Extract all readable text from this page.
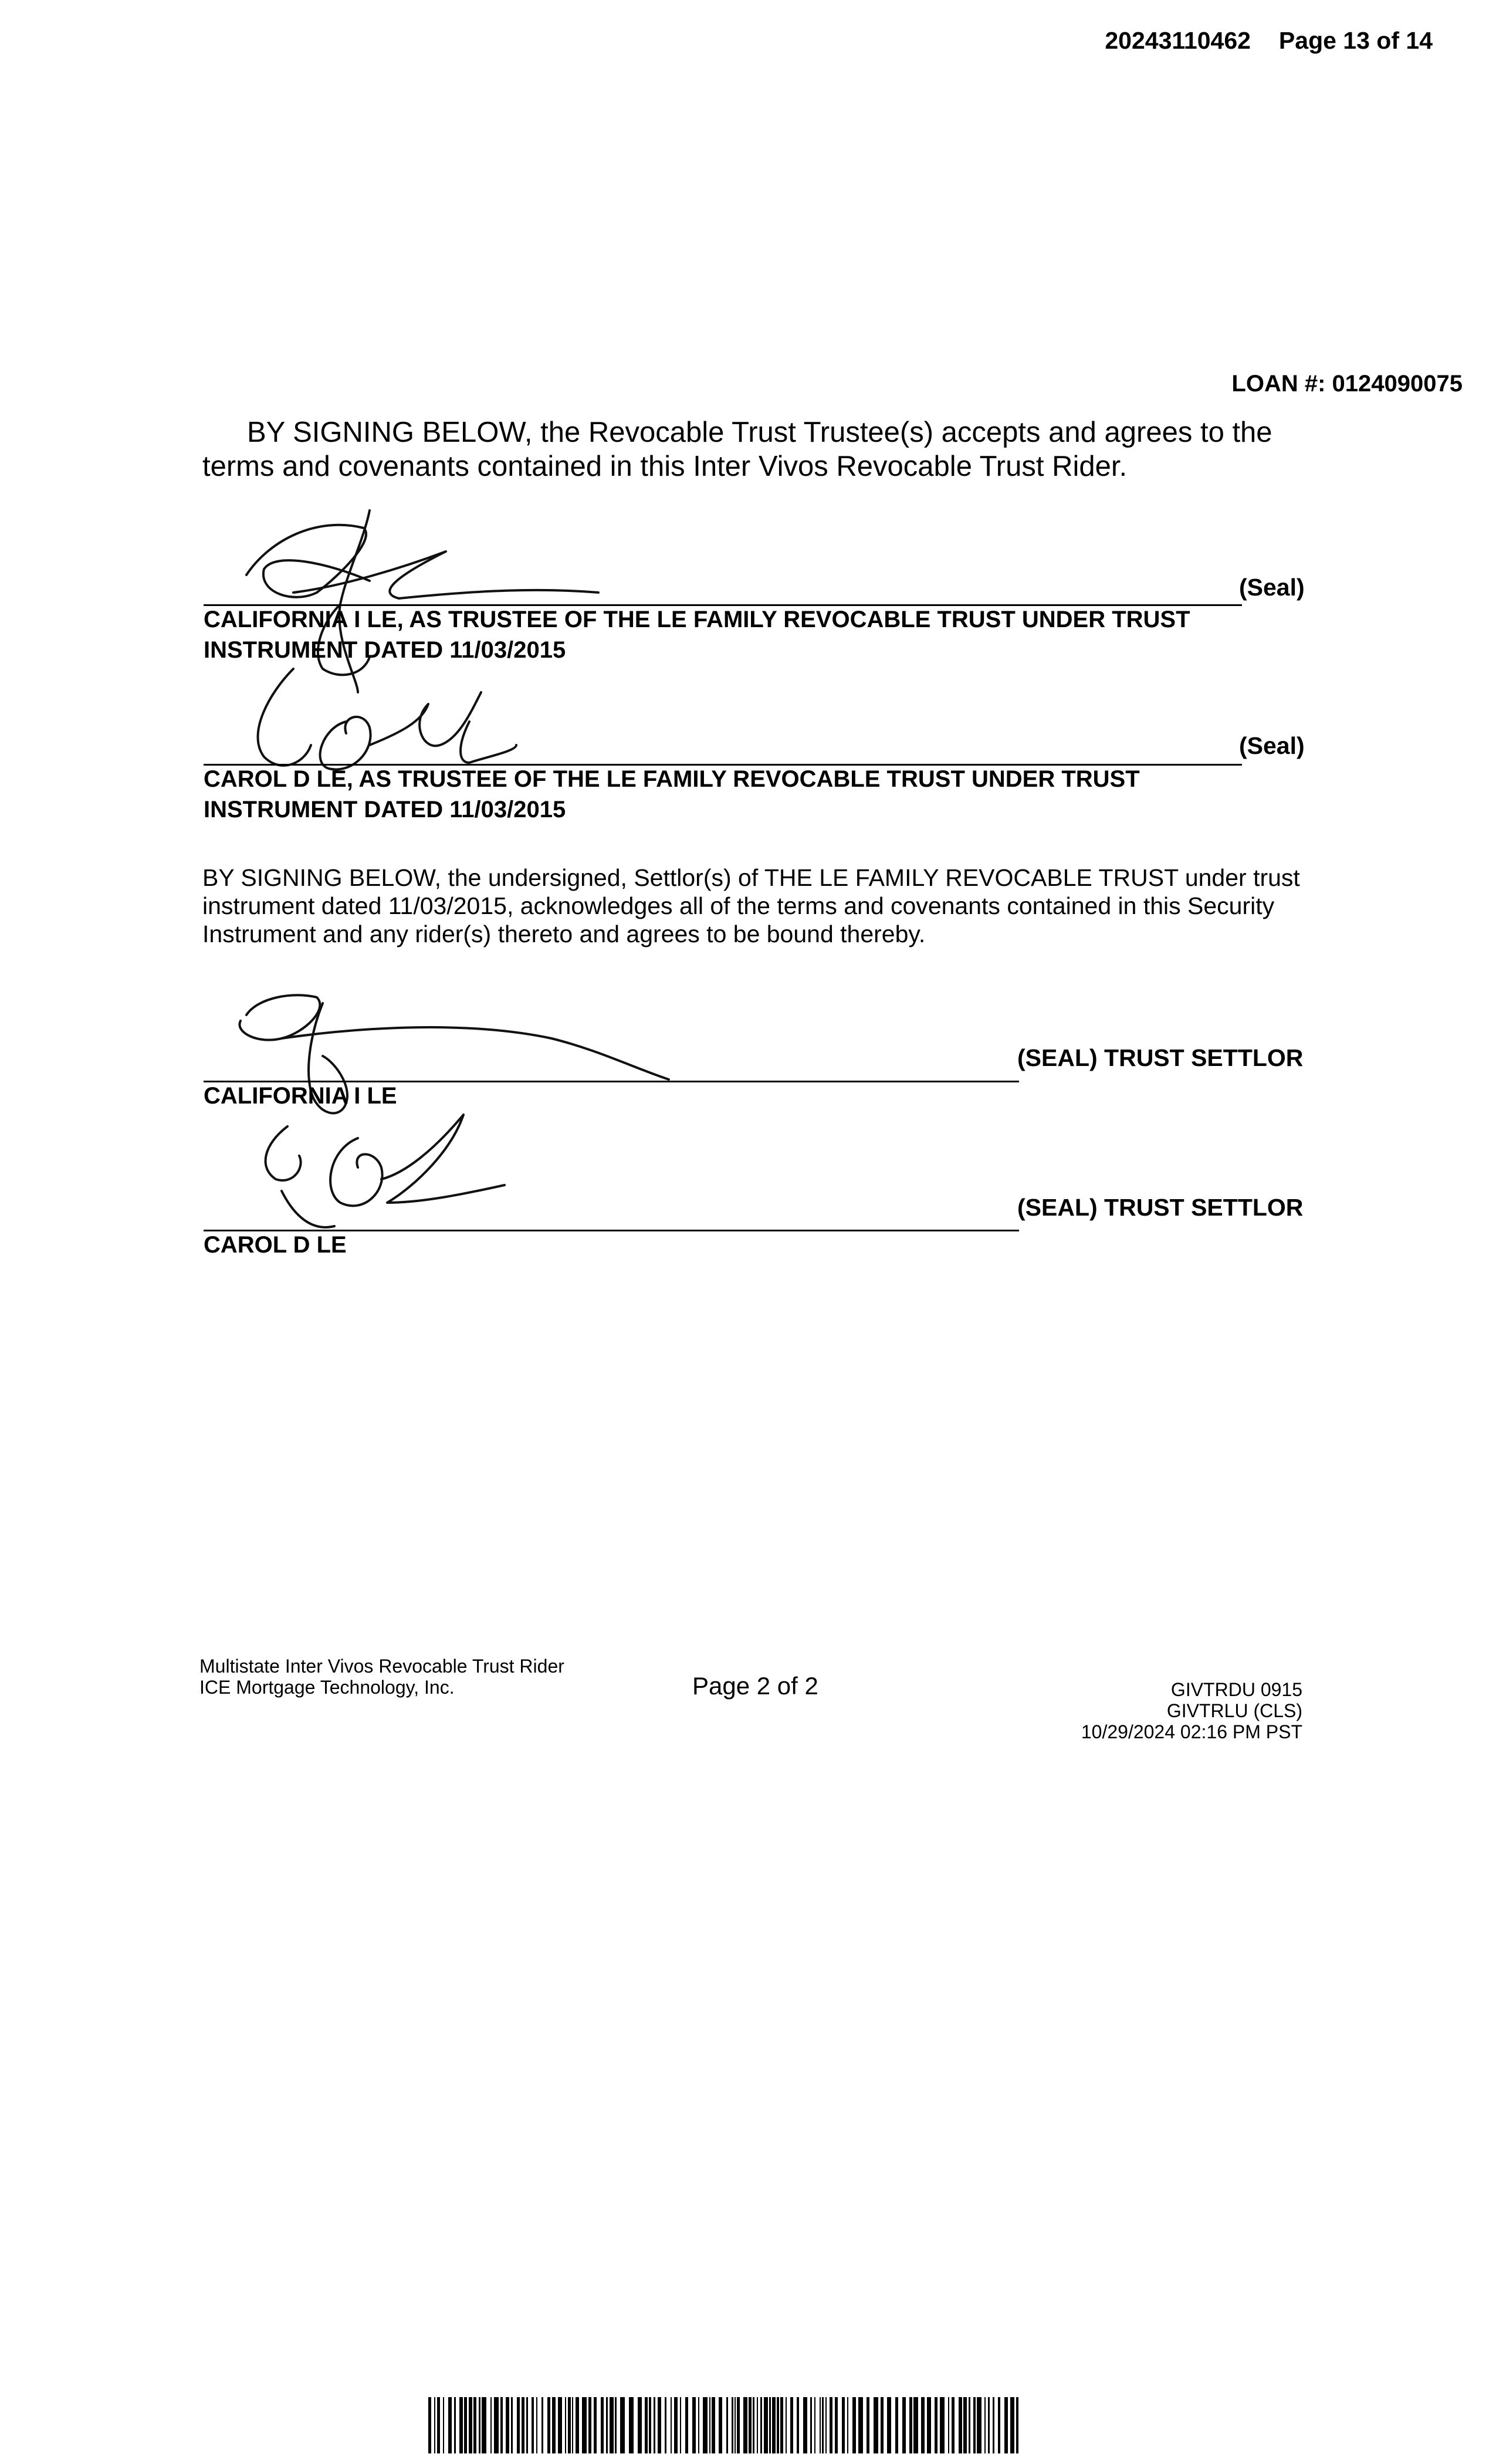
20243110462 Page 13 of 14
LOAN #: 0124090075
BY SIGNING BELOW, the Revocable Trust Trustee(s) accepts and agrees to the terms and covenants contained in this Inter Vivos Revocable Trust Rider.
(Seal)
CALIFORNIA I LE, AS TRUSTEE OF THE LE FAMILY REVOCABLE TRUST UNDER TRUST
INSTRUMENT DATED 11/03/2015
(Seal)
CAROL D LE, AS TRUSTEE OF THE LE FAMILY REVOCABLE TRUST UNDER TRUST
INSTRUMENT DATED 11/03/2015
BY SIGNING BELOW, the undersigned, Settlor(s) of THE LE FAMILY REVOCABLE TRUST under trust instrument dated 11/03/2015, acknowledges all of the terms and covenants contained in this Security Instrument and any rider(s) thereto and agrees to be bound thereby.
(SEAL) TRUST SETTLOR
CALIFORNIA I LE
(SEAL) TRUST SETTLOR
CAROL D LE
Multistate Inter Vivos Revocable Trust Rider
ICE Mortgage Technology, Inc.	Page 2 of 2	GIVTRDU 0915
GIVTRLU (CLS)
10/29/2024 02:16 PM PST
